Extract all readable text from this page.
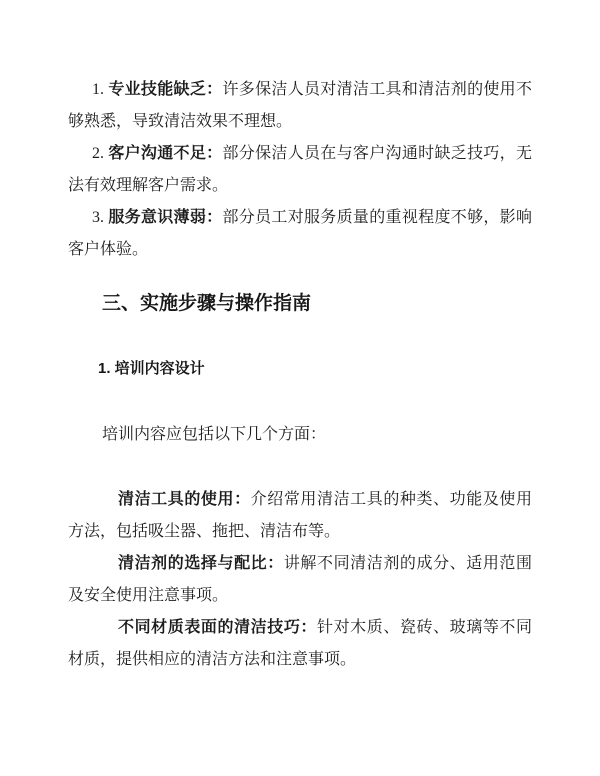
1. 专业技能缺乏：许多保洁人员对清洁工具和清洁剂的使用不够熟悉，导致清洁效果不理想。

2. 客户沟通不足：部分保洁人员在与客户沟通时缺乏技巧，无法有效理解客户需求。

3. 服务意识薄弱：部分员工对服务质量的重视程度不够，影响客户体验。

三、实施步骤与操作指南
1. 培训内容设计

培训内容应包括以下几个方面：

清洁工具的使用：介绍常用清洁工具的种类、功能及使用方法，包括吸尘器、拖把、清洁布等。

清洁剂的选择与配比：讲解不同清洁剂的成分、适用范围及安全使用注意事项。

不同材质表面的清洁技巧：针对木质、瓷砖、玻璃等不同材质，提供相应的清洁方法和注意事项。
